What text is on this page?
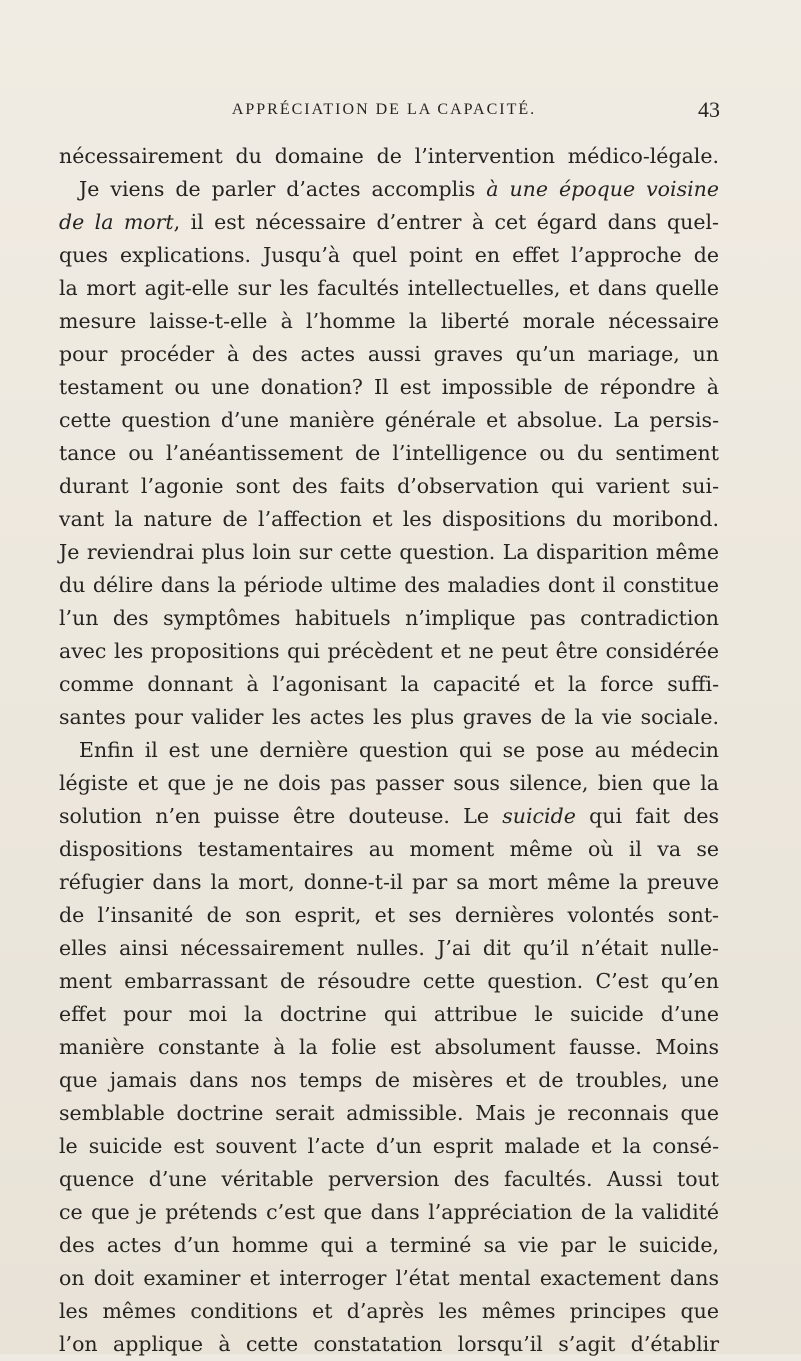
APPRÉCIATION DE LA CAPACITÉ.	43

nécessairement du domaine de l’intervention médico-légale.
Je viens de parler d’actes accomplis à une époque voisine
de la mort, il est nécessaire d’entrer à cet égard dans quel-
ques explications. Jusqu’à quel point en effet l’approche de
la mort agit-elle sur les facultés intellectuelles, et dans quelle
mesure laisse-t-elle à l’homme la liberté morale nécessaire
pour procéder à des actes aussi graves qu’un mariage, un
testament ou une donation? Il est impossible de répondre à
cette question d’une manière générale et absolue. La persis-
tance ou l’anéantissement de l’intelligence ou du sentiment
durant l’agonie sont des faits d’observation qui varient sui-
vant la nature de l’affection et les dispositions du moribond.
Je reviendrai plus loin sur cette question. La disparition même
du délire dans la période ultime des maladies dont il constitue
l’un des symptômes habituels n’implique pas contradiction
avec les propositions qui précèdent et ne peut être considérée
comme donnant à l’agonisant la capacité et la force suffi-
santes pour valider les actes les plus graves de la vie sociale.
Enfin il est une dernière question qui se pose au médecin
légiste et que je ne dois pas passer sous silence, bien que la
solution n’en puisse être douteuse. Le suicide qui fait des
dispositions testamentaires au moment même où il va se
réfugier dans la mort, donne-t-il par sa mort même la preuve
de l’insanité de son esprit, et ses dernières volontés sont-
elles ainsi nécessairement nulles. J’ai dit qu’il n’était nulle-
ment embarrassant de résoudre cette question. C’est qu’en
effet pour moi la doctrine qui attribue le suicide d’une
manière constante à la folie est absolument fausse. Moins
que jamais dans nos temps de misères et de troubles, une
semblable doctrine serait admissible. Mais je reconnais que
le suicide est souvent l’acte d’un esprit malade et la consé-
quence d’une véritable perversion des facultés. Aussi tout
ce que je prétends c’est que dans l’appréciation de la validité
des actes d’un homme qui a terminé sa vie par le suicide,
on doit examiner et interroger l’état mental exactement dans
les mêmes conditions et d’après les mêmes principes que
l’on applique à cette constatation lorsqu’il s’agit d’établir
